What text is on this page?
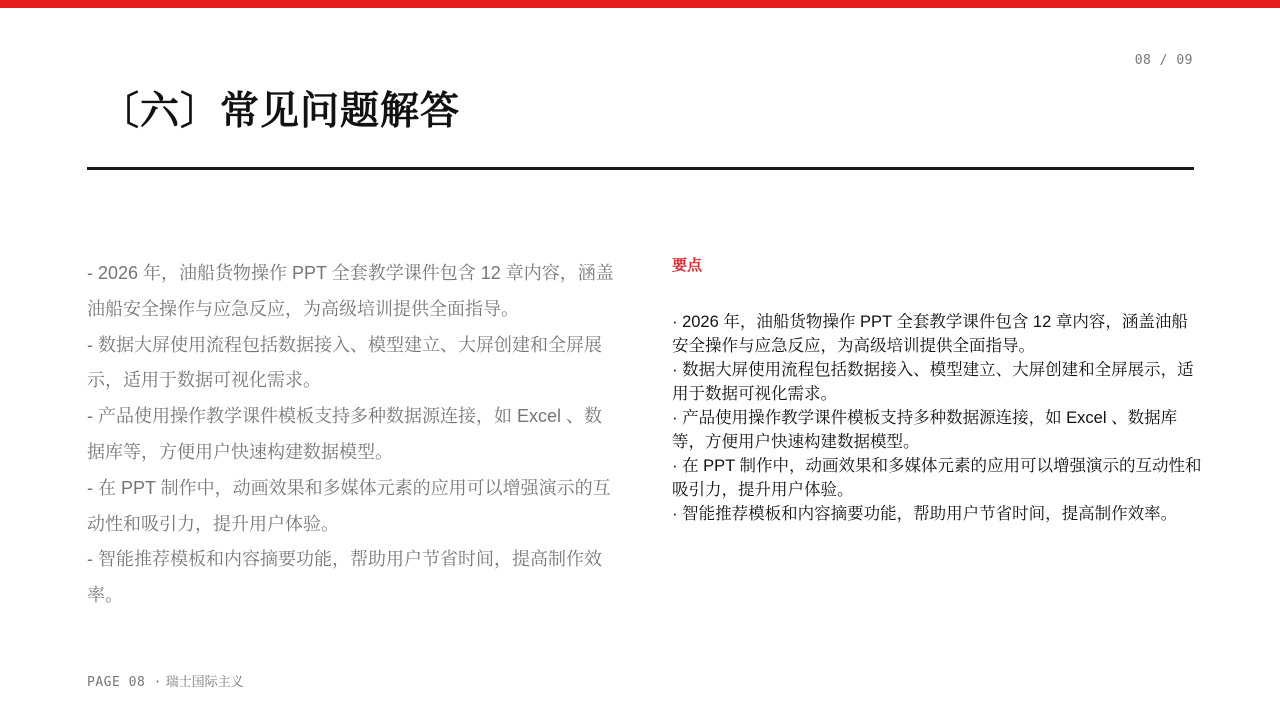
08 / 09
〔六〕常见问题解答

- 2026 年，油船货物操作 PPT 全套教学课件包含 12 章内容，涵盖油船安全操作与应急反应，为高级培训提供全面指导。

- 数据大屏使用流程包括数据接入、模型建立、大屏创建和全屏展示，适用于数据可视化需求。

- 产品使用操作教学课件模板支持多种数据源连接，如 Excel 、数据库等，方便用户快速构建数据模型。

- 在 PPT 制作中，动画效果和多媒体元素的应用可以增强演示的互动性和吸引力，提升用户体验。

- 智能推荐模板和内容摘要功能，帮助用户节省时间，提高制作效率。

要点

· 2026 年，油船货物操作 PPT 全套教学课件包含 12 章内容，涵盖油船安全操作与应急反应，为高级培训提供全面指导。

· 数据大屏使用流程包括数据接入、模型建立、大屏创建和全屏展示，适用于数据可视化需求。

· 产品使用操作教学课件模板支持多种数据源连接，如 Excel 、数据库等，方便用户快速构建数据模型。

· 在 PPT 制作中，动画效果和多媒体元素的应用可以增强演示的互动性和吸引力，提升用户体验。

· 智能推荐模板和内容摘要功能，帮助用户节省时间，提高制作效率。

PAGE 08 · 瑞士国际主义
